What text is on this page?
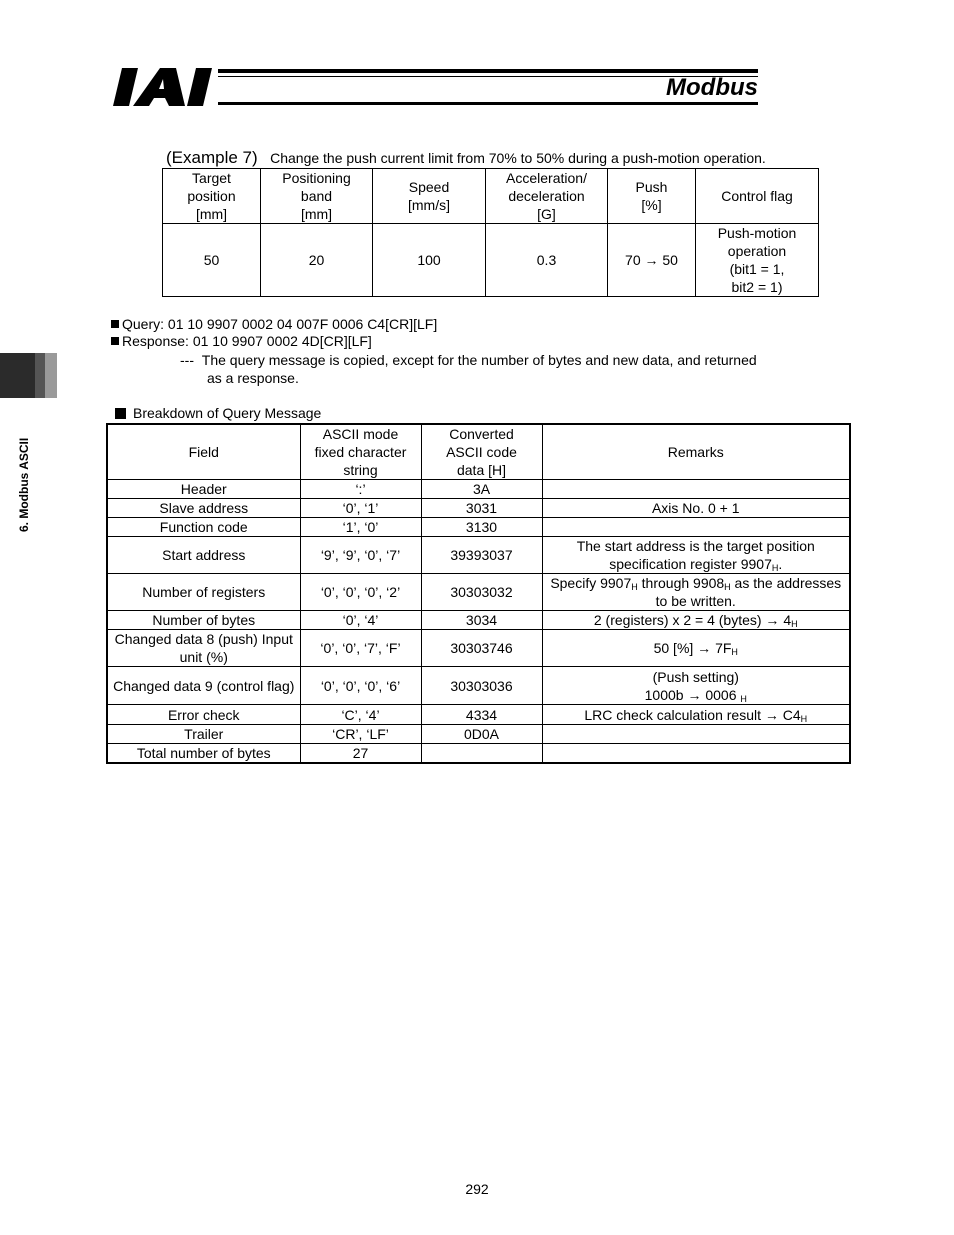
Modbus
6. Modbus ASCII
(Example 7) Change the push current limit from 70% to 50% during a push-motion operation.
Target
position
[mm]	Positioning
band
[mm]	Speed
[mm/s]	Acceleration/
deceleration
[G]	Push
[%]	Control flag
50	20	100	0.3	70 → 50	Push-motion
operation
(bit1 = 1,
bit2 = 1)
Query: 01 10 9907 0002 04 007F 0006 C4[CR][LF]
Response: 01 10 9907 0002 4D[CR][LF]
--- The query message is copied, except for the number of bytes and new data, and returned
as a response.
Breakdown of Query Message
Field	ASCII mode
fixed character
string	Converted
ASCII code
data [H]	Remarks
Header	‘:’	3A	
Slave address	‘0’, ‘1’	3031	Axis No. 0 + 1
Function code	‘1’, ‘0’	3130	
Start address	‘9’, ‘9’, ‘0’, ‘7’	39393037	The start address is the target position specification register $9907_H$.
Number of registers	‘0’, ‘0’, ‘0’, ‘2’	30303032	Specify $9907_H$ through $9908_H$ as the addresses to be written.
Number of bytes	‘0’, ‘4’	3034	2 (registers) x 2 = 4 (bytes) → $4_H$
Changed data 8 (push) Input unit (%)	‘0’, ‘0’, ‘7’, ‘F’	30303746	50 [%] → $7F_H$
Changed data 9 (control flag)	‘0’, ‘0’, ‘0’, ‘6’	30303036	(Push setting)
1000b → 0006 $_H$
Error check	‘C’, ‘4’	4334	LRC check calculation result → $C4_H$
Trailer	‘CR’, ‘LF’	0D0A	
Total number of bytes	27		
292
